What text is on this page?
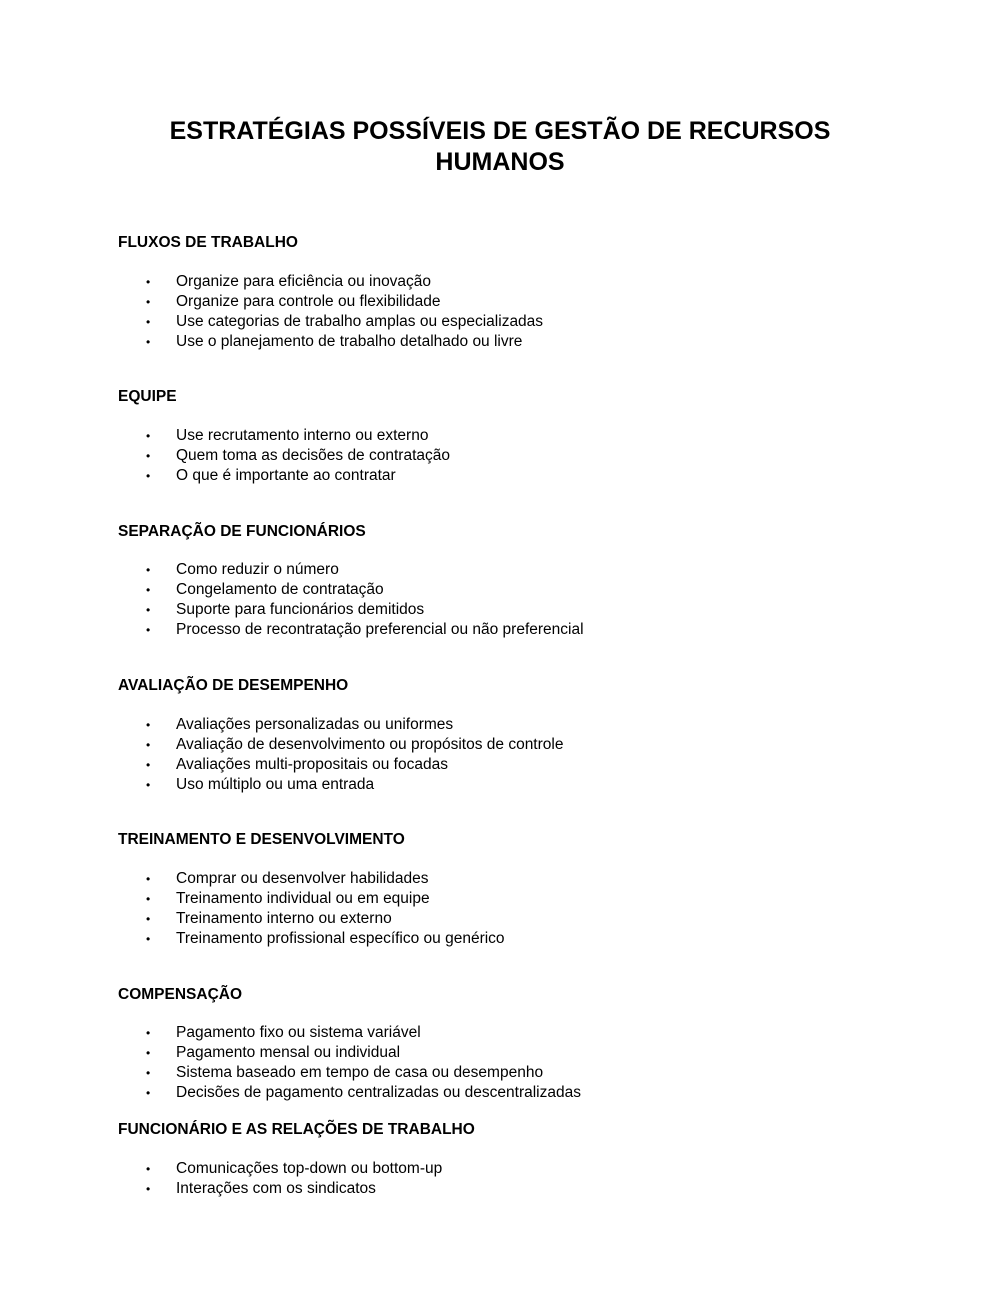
ESTRATÉGIAS POSSÍVEIS DE GESTÃO DE RECURSOS
HUMANOS
FLUXOS DE TRABALHO
• Organize para eficiência ou inovação
• Organize para controle ou flexibilidade
• Use categorias de trabalho amplas ou especializadas
• Use o planejamento de trabalho detalhado ou livre
EQUIPE
• Use recrutamento interno ou externo
• Quem toma as decisões de contratação
• O que é importante ao contratar
SEPARAÇÃO DE FUNCIONÁRIOS
• Como reduzir o número
• Congelamento de contratação
• Suporte para funcionários demitidos
• Processo de recontratação preferencial ou não preferencial
AVALIAÇÃO DE DESEMPENHO
• Avaliações personalizadas ou uniformes
• Avaliação de desenvolvimento ou propósitos de controle
• Avaliações multi-propositais ou focadas
• Uso múltiplo ou uma entrada
TREINAMENTO E DESENVOLVIMENTO
• Comprar ou desenvolver habilidades
• Treinamento individual ou em equipe
• Treinamento interno ou externo
• Treinamento profissional específico ou genérico
COMPENSAÇÃO
• Pagamento fixo ou sistema variável
• Pagamento mensal ou individual
• Sistema baseado em tempo de casa ou desempenho
• Decisões de pagamento centralizadas ou descentralizadas
FUNCIONÁRIO E AS RELAÇÕES DE TRABALHO
• Comunicações top-down ou bottom-up
• Interações com os sindicatos
